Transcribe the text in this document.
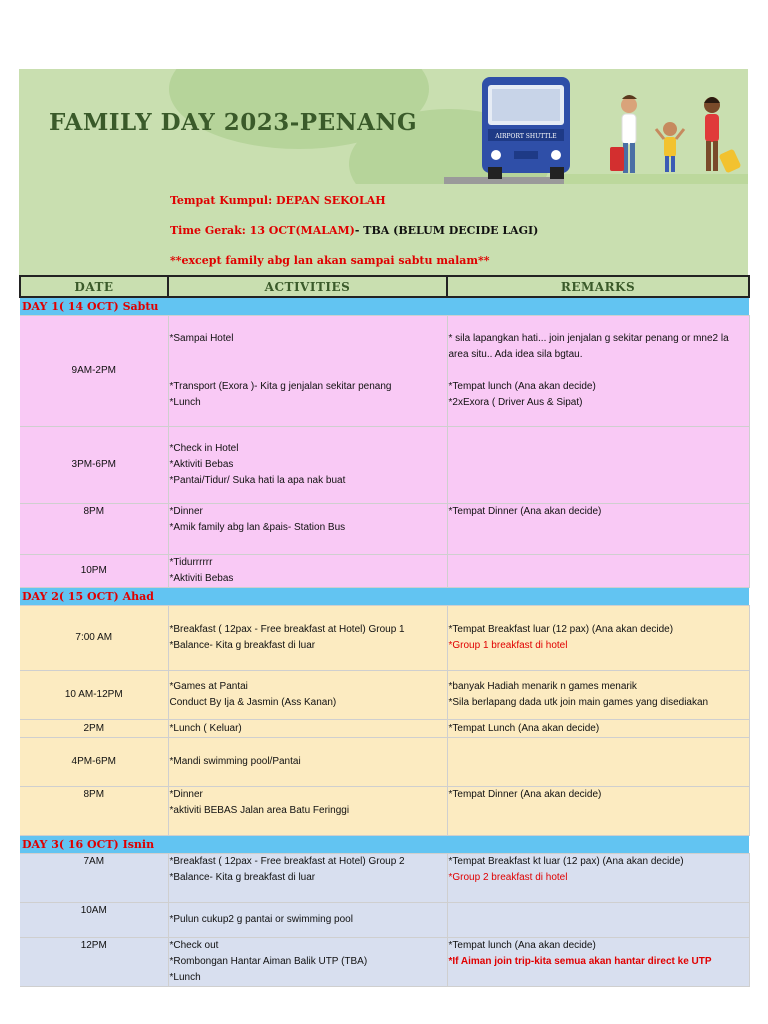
FAMILY DAY 2023-PENANG
AIRPORT SHUTTLE
Tempat Kumpul: DEPAN SEKOLAH
Time Gerak: 13 OCT(MALAM)- TBA (BELUM DECIDE LAGI)
**except family abg lan akan sampai sabtu malam**
DATE	ACTIVITIES	REMARKS
DAY 1( 14 OCT) Sabtu		
9AM-2PM	*Sampai Hotel
*Transport (Exora )- Kita g jenjalan sekitar penang
*Lunch	* sila lapangkan hati... join jenjalan g sekitar penang or mne2 la
area situ.. Ada idea sila bgtau.
*Tempat lunch (Ana akan decide)
*2xExora ( Driver Aus & Sipat)

3PM-6PM	*Check in Hotel
*Aktiviti Bebas
*Pantai/Tidur/ Suka hati la apa nak buat	

8PM	*Dinner
*Amik family abg lan &pais- Station Bus	*Tempat Dinner (Ana akan decide)

10PM	*Tidurrrrrr
*Aktiviti Bebas	

DAY 2( 15 OCT) Ahad		
7:00 AM	*Breakfast ( 12pax - Free breakfast at Hotel) Group 1
*Balance- Kita g breakfast di luar	*Tempat Breakfast luar (12 pax) (Ana akan decide)
*Group 1 breakfast di hotel

10 AM-12PM	*Games at Pantai
Conduct By Ija & Jasmin (Ass Kanan)	*banyak Hadiah menarik n games menarik
*Sila berlapang dada utk join main games yang disediakan

2PM	*Lunch ( Keluar)	*Tempat Lunch (Ana akan decide)

4PM-6PM	*Mandi swimming pool/Pantai	

8PM	*Dinner
*aktiviti BEBAS Jalan area Batu Feringgi	*Tempat Dinner (Ana akan decide)

DAY 3( 16 OCT) Isnin		
7AM	*Breakfast ( 12pax - Free breakfast at Hotel) Group 2
*Balance- Kita g breakfast di luar	*Tempat Breakfast kt luar (12 pax) (Ana akan decide)
*Group 2 breakfast di hotel

10AM	*Pulun cukup2 g pantai or swimming pool	

12PM	*Check out
*Rombongan Hantar Aiman Balik UTP (TBA)
*Lunch	*Tempat lunch (Ana akan decide)
*If Aiman join trip-kita semua akan hantar direct ke UTP
